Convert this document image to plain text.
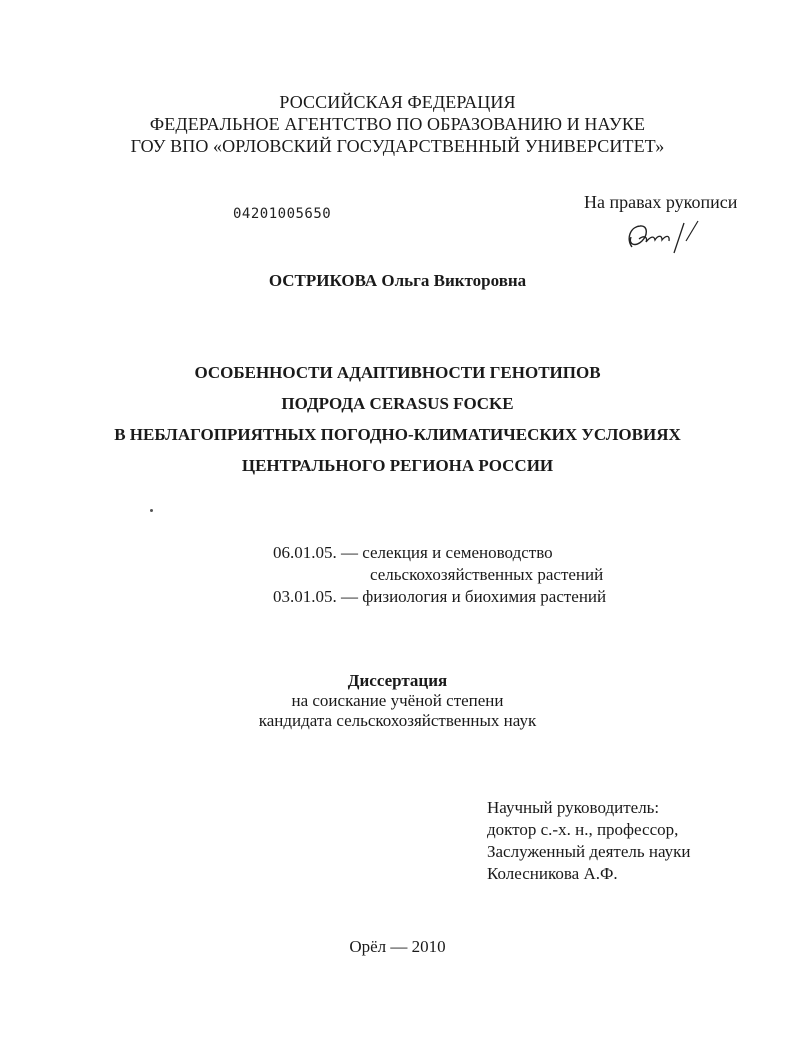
РОССИЙСКАЯ ФЕДЕРАЦИЯ
ФЕДЕРАЛЬНОЕ АГЕНТСТВО ПО ОБРАЗОВАНИЮ И НАУКЕ
ГОУ ВПО «ОРЛОВСКИЙ ГОСУДАРСТВЕННЫЙ УНИВЕРСИТЕТ»
04201005650
На правах рукописи
ОСТРИКОВА Ольга Викторовна
ОСОБЕННОСТИ АДАПТИВНОСТИ ГЕНОТИПОВ
ПОДРОДА CERASUS FOCKE
В НЕБЛАГОПРИЯТНЫХ ПОГОДНО-КЛИМАТИЧЕСКИХ УСЛОВИЯХ
ЦЕНТРАЛЬНОГО РЕГИОНА РОССИИ
06.01.05. — селекция и семеноводство
сельскохозяйственных растений
03.01.05. — физиология и биохимия растений
Диссертация
на соискание учёной степени
кандидата сельскохозяйственных наук
Научный руководитель:
доктор с.-х. н., профессор,
Заслуженный деятель науки
Колесникова А.Ф.
Орёл — 2010
